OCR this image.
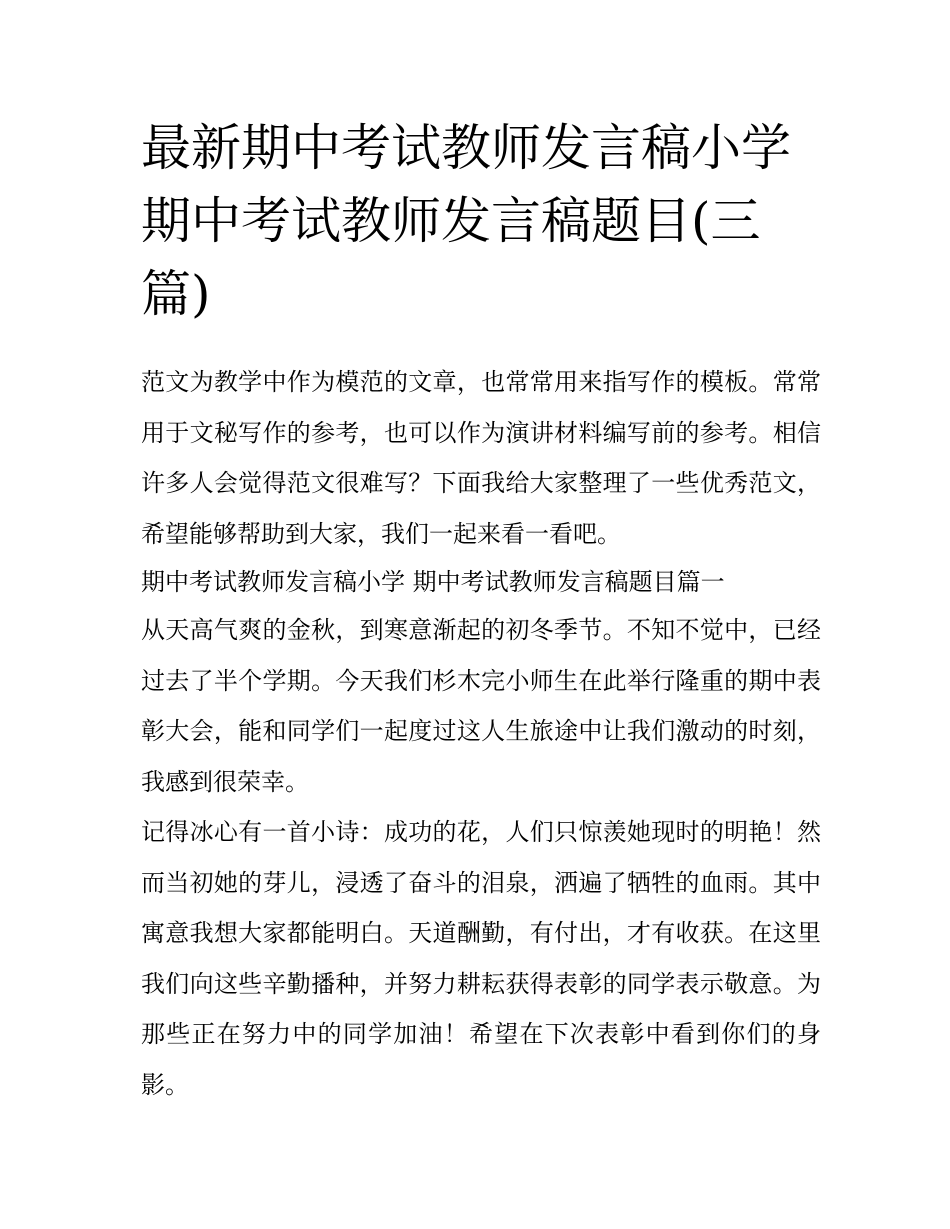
最新期中考试教师发言稿小学期中考试教师发言稿题目(三篇)

范文为教学中作为模范的文章，也常常用来指写作的模板。常常用于文秘写作的参考，也可以作为演讲材料编写前的参考。相信许多人会觉得范文很难写？下面我给大家整理了一些优秀范文，希望能够帮助到大家，我们一起来看一看吧。

期中考试教师发言稿小学 期中考试教师发言稿题目篇一

从天高气爽的金秋，到寒意渐起的初冬季节。不知不觉中，已经过去了半个学期。今天我们杉木完小师生在此举行隆重的期中表彰大会，能和同学们一起度过这人生旅途中让我们激动的时刻，我感到很荣幸。

记得冰心有一首小诗：成功的花，人们只惊羡她现时的明艳！然而当初她的芽儿，浸透了奋斗的泪泉，洒遍了牺牲的血雨。其中寓意我想大家都能明白。天道酬勤，有付出，才有收获。在这里我们向这些辛勤播种，并努力耕耘获得表彰的同学表示敬意。为那些正在努力中的同学加油！希望在下次表彰中看到你们的身影。
